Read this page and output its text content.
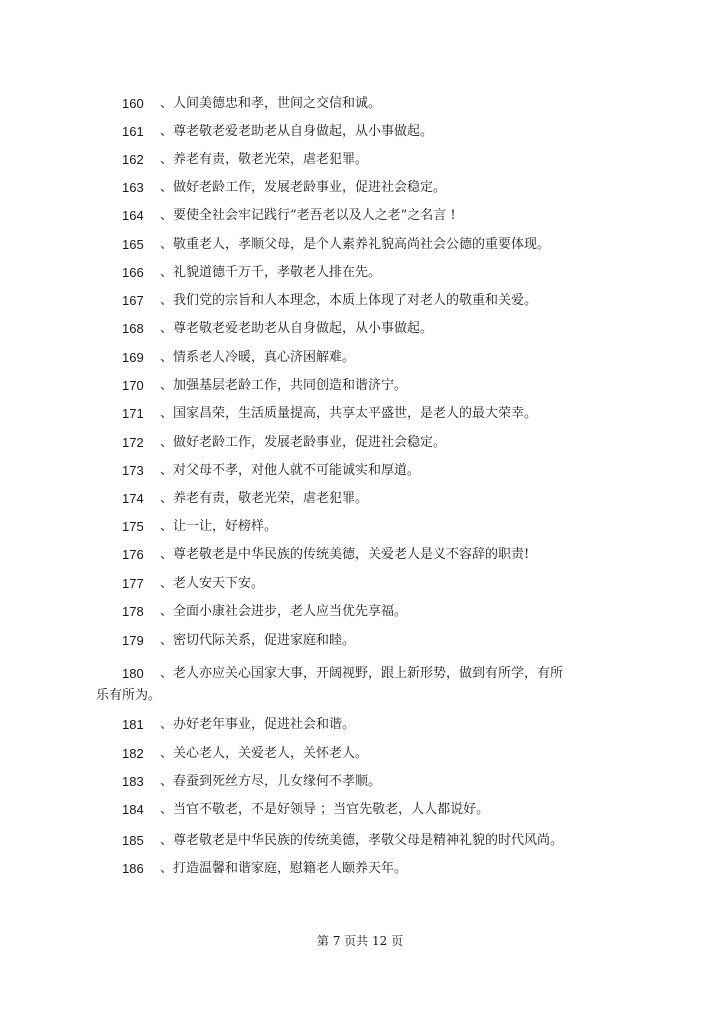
160 、人间美德忠和孝，世间之交信和诚。
161 、尊老敬老爱老助老从自身做起，从小事做起。
162 、养老有责，敬老光荣，虐老犯罪。
163 、做好老龄工作，发展老龄事业，促进社会稳定。
164 、要使全社会牢记践行“老吾老以及人之老”之名言 !
165 、敬重老人，孝顺父母，是个人素养礼貌高尚社会公德的重要体现。
166 、礼貌道德千万千，孝敬老人排在先。
167 、我们党的宗旨和人本理念，本质上体现了对老人的敬重和关爱。
168 、尊老敬老爱老助老从自身做起，从小事做起。
169 、情系老人冷暖，真心济困解难。
170 、加强基层老龄工作，共同创造和谐济宁。
171 、国家昌荣，生活质量提高，共享太平盛世，是老人的最大荣幸。
172 、做好老龄工作，发展老龄事业，促进社会稳定。
173 、对父母不孝，对他人就不可能诚实和厚道。
174 、养老有责，敬老光荣，虐老犯罪。
175 、让一让，好榜样。
176 、尊老敬老是中华民族的传统美德，关爱老人是义不容辞的职责!
177 、老人安天下安。
178 、全面小康社会进步，老人应当优先享福。
179 、密切代际关系，促进家庭和睦。
180 、老人亦应关心国家大事，开阔视野，跟上新形势，做到有所学，有所
乐有所为。
181 、办好老年事业，促进社会和谐。
182 、关心老人，关爱老人，关怀老人。
183 、春蚕到死丝方尽，儿女缘何不孝顺。
184 、当官不敬老，不是好领导 ；当官先敬老，人人都说好。
185 、尊老敬老是中华民族的传统美德，孝敬父母是精神礼貌的时代风尚。
186 、打造温馨和谐家庭，慰籍老人颐养天年。
第 7 页共 12 页
